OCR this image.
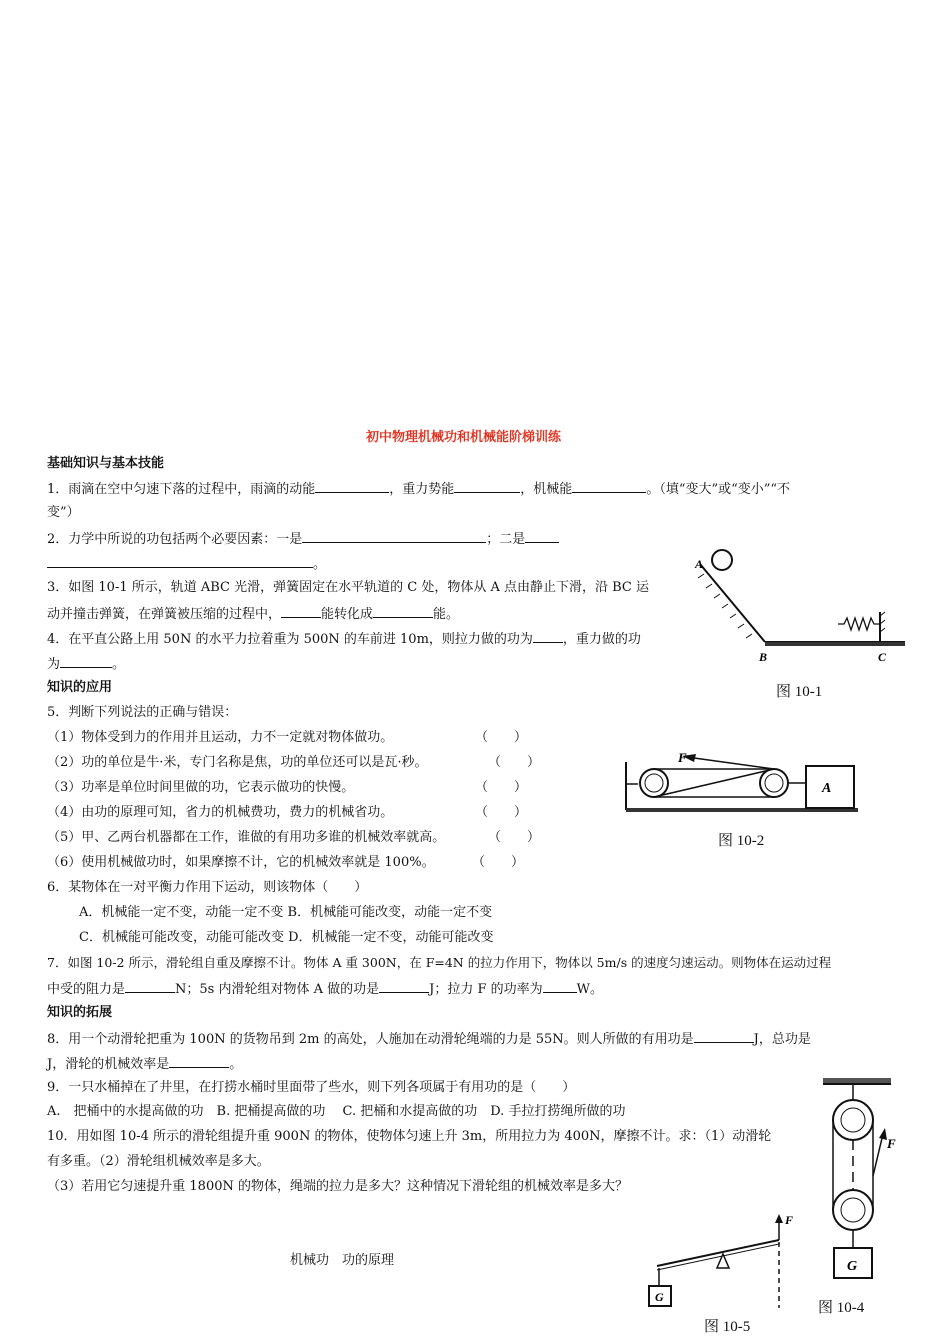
初中物理机械功和机械能阶梯训练
基础知识与基本技能
1．雨滴在空中匀速下落的过程中，雨滴的动能	，重力势能	，机械能	。（填“变大”或“变小”“不
变”）
2．力学中所说的功包括两个必要因素：一是	；二是
。
3．如图 10-1 所示，轨道 ABC 光滑，弹簧固定在水平轨道的 C 处，物体从 A 点由静止下滑，沿 BC 运
动并撞击弹簧，在弹簧被压缩的过程中，	能转化成	能。
4．在平直公路上用 50N 的水平力拉着重为 500N 的车前进 10m，则拉力做的功为 ，重力做的功
为	。
知识的应用
5．判断下列说法的正确与错误：
（1）物体受到力的作用并且运动，力不一定就对物体做功。	（　　）
（2）功的单位是牛·米，专门名称是焦，功的单位还可以是瓦·秒。	（　　）
（3）功率是单位时间里做的功，它表示做功的快慢。	（　　）
（4）由功的原理可知，省力的机械费功，费力的机械省功。	（　　）
（5）甲、乙两台机器都在工作，谁做的有用功多谁的机械效率就高。	（　　）
（6）使用机械做功时，如果摩擦不计，它的机械效率就是 100%。	（　　）
6．某物体在一对平衡力作用下运动，则该物体（　　）
A．机械能一定不变，动能一定不变 B．机械能可能改变，动能一定不变
C．机械能可能改变，动能可能改变 D．机械能一定不变，动能可能改变
7．如图 10-2 所示，滑轮组自重及摩擦不计。物体 A 重 300N，在 F=4N 的拉力作用下，物体以 5m/s 的速度匀速运动。则物体在运动过程
中受的阻力是	N；5s 内滑轮组对物体 A 做的功是	J；拉力 F 的功率为	W。
知识的拓展
8．用一个动滑轮把重为 100N 的货物吊到 2m 的高处，人施加在动滑轮绳端的力是 55N。则人所做的有用功是	J，总功是
J，滑轮的机械效率是	。
9．一只水桶掉在了井里，在打捞水桶时里面带了些水，则下列各项属于有用功的是（　　）
A.　把桶中的水提高做的功　B. 把桶提高做的功　 C. 把桶和水提高做的功　D. 手拉打捞绳所做的功
10．用如图 10-4 所示的滑轮组提升重 900N 的物体，使物体匀速上升 3m，所用拉力为 400N，摩擦不计。求：（1）动滑轮
有多重。（2）滑轮组机械效率是多大。
（3）若用它匀速提升重 1800N 的物体，绳端的拉力是多大？这种情况下滑轮组的机械效率是多大？
机械功　功的原理
A
B	C
图 10-1
F
A
图 10-2
F
G
图 10-4
F
G
图 10-5
